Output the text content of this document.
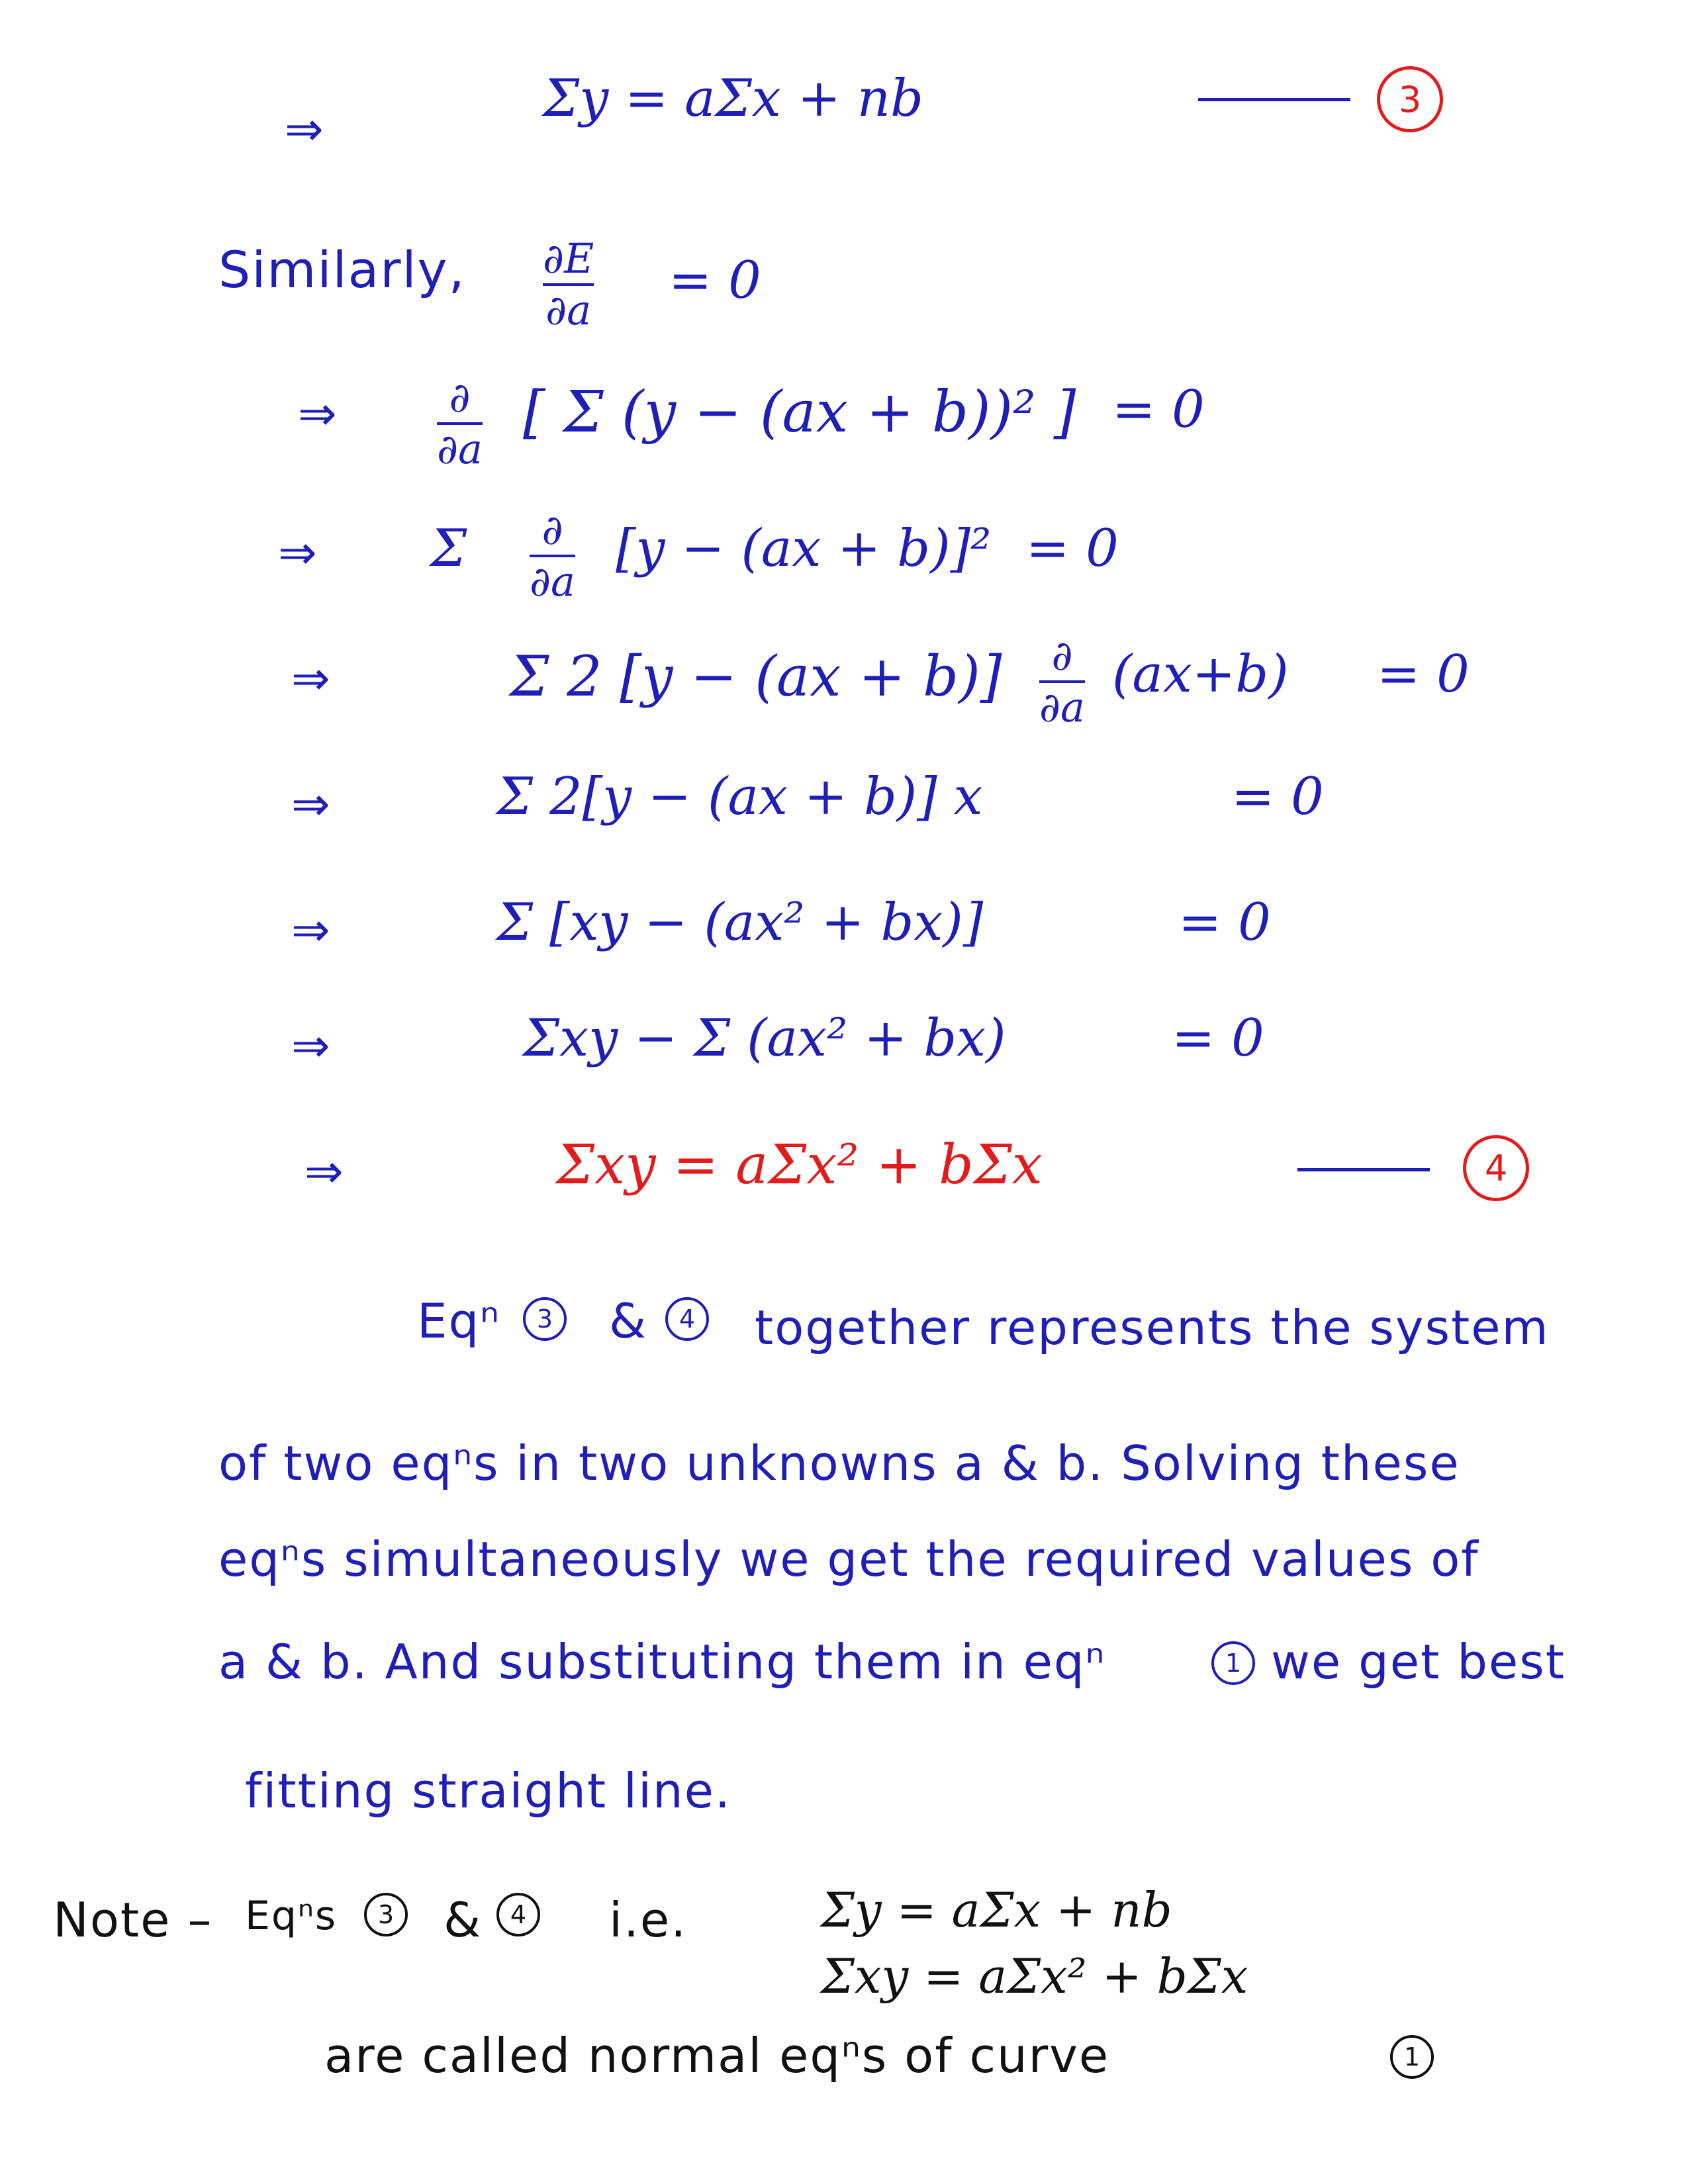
⇒
Σy = aΣx + nb	3
Similarly, ∂E
∂a = 0
⇒	∂
∂a
[ Σ (y − (ax + b))² ] = 0
⇒ Σ ∂
∂a
[y − (ax + b)]² = 0
⇒	Σ 2 [y − (ax + b)] ∂
∂a
(ax+b) = 0
⇒	Σ 2[y − (ax + b)] x	= 0
⇒	Σ [xy − (ax² + bx)]	= 0
⇒	Σxy − Σ (ax² + bx)	= 0
⇒	Σxy = aΣx² + bΣx	4
Eqⁿ 3 & 4 together represents the system
of two eqⁿs in two unknowns a & b. Solving these
eqⁿs simultaneously we get the required values of
a & b. And substituting them in eqⁿ	1 we get best
fitting straight line.
Note – Eqⁿs 3 & 4 i.e.	Σy = aΣx + nb
Σxy = aΣx² + bΣx
are called normal eqⁿs of curve	1
